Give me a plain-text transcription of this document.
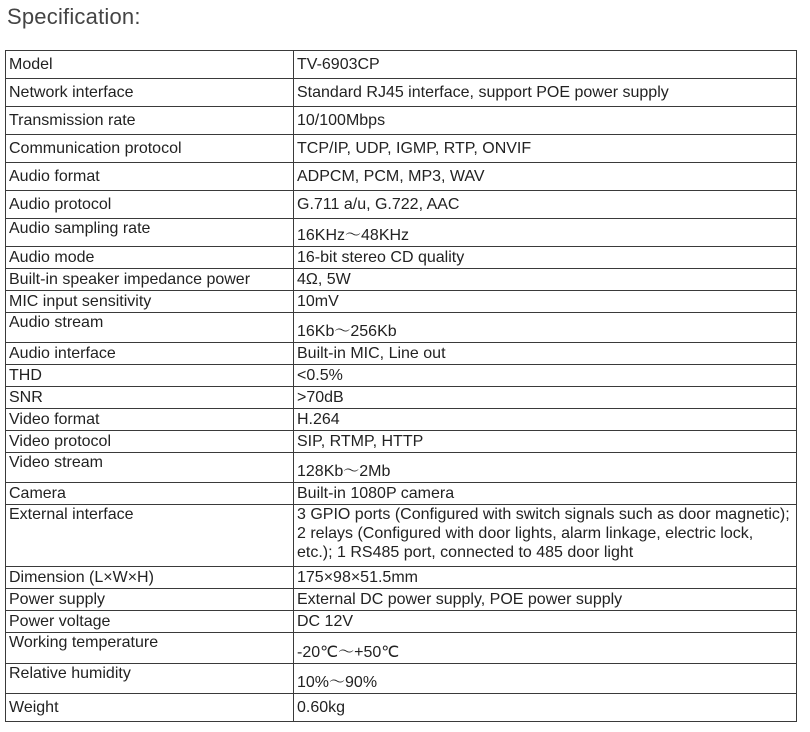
Specification:
Model	TV-6903CP
Network interface	Standard RJ45 interface, support POE power supply
Transmission rate	10/100Mbps
Communication protocol	TCP/IP, UDP, IGMP, RTP, ONVIF
Audio format	ADPCM, PCM, MP3, WAV
Audio protocol	G.711 a/u, G.722, AAC
Audio sampling rate	16KHz～48KHz
Audio mode	16-bit stereo CD quality
Built-in speaker impedance power	4Ω, 5W
MIC input sensitivity	10mV
Audio stream	16Kb～256Kb
Audio interface	Built-in MIC, Line out
THD	<0.5%
SNR	>70dB
Video format	H.264
Video protocol	SIP, RTMP, HTTP
Video stream	128Kb～2Mb
Camera	Built-in 1080P camera
External interface	3 GPIO ports (Configured with switch signals such as door magnetic); 2 relays (Configured with door lights, alarm linkage, electric lock, etc.); 1 RS485 port, connected to 485 door light
Dimension (L×W×H)	175×98×51.5mm
Power supply	External DC power supply, POE power supply
Power voltage	DC 12V
Working temperature	-20℃～+50℃
Relative humidity	10%～90%
Weight	0.60kg
